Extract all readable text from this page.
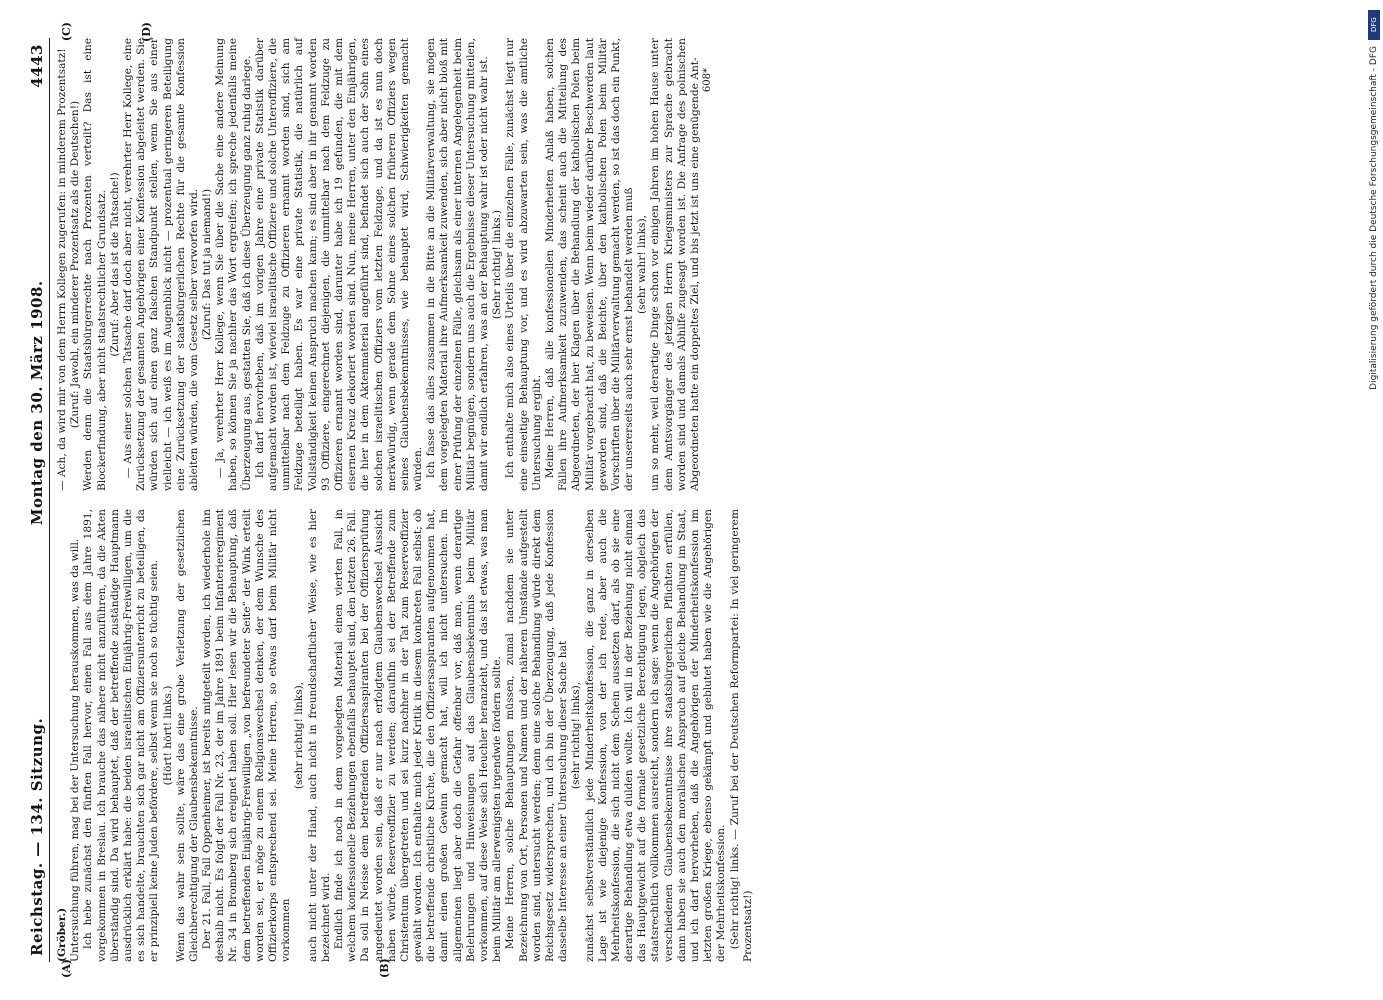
Reichstag. — 134. Sitzung.
Montag den 30. März 1908.
4443
(A)	(B)
(C)	(D)

(Gröber.) Untersuchung führen, mag bei der Untersuchung herauskommen, was da will. Ich hebe zunächst den fünften Fall hervor, einen Fall aus dem Jahre 1891, vorgekommen in Breslau. Ich brauche das nähere nicht anzuführen, da die Akten überständig sind. Da wird behauptet, daß der betreffende zuständige Hauptmann ausdrücklich erklärt habe: die beiden israelitischen Einjährig-Freiwilligen, um die es sich handelte, brauchten sich gar nicht am Offiziersunterricht zu beteiligen, da er prinzipiell keine Juden befördere, selbst wenn sie noch so tüchtig seien. (Hört! hört! links.) Wenn das wahr sein sollte, wäre das eine grobe Verletzung der gesetzlichen Gleichberechtigung der Glaubensbekenntnisse. Der 21. Fall, Fall Oppenheimer, ist bereits mitgeteilt worden, ich wiederhole ihn deshalb nicht. Es folgt der Fall Nr. 23, der im Jahre 1891 beim Infanterieregiment Nr. 34 in Bromberg sich ereignet haben soll. Hier lesen wir die Behauptung, daß dem betreffenden Einjährig-Freiwilligen „von befreundeter Seite“ der Wink erteilt worden sei, er möge zu einem Religionswechsel denken, der dem Wunsche des Offizierkorps entsprechend sei. Meine Herren, so etwas darf beim Militär nicht vorkommen

(sehr richtig! links), auch nicht unter der Hand, auch nicht in freundschaftlicher Weise, wie es hier bezeichnet wird. Endlich finde ich noch in dem vorgelegten Material einen vierten Fall, in welchem konfessionelle Beziehungen ebenfalls behauptet sind, den letzten 26. Fall. Da soll in Neisse dem betreffenden Offiziersaspiranten bei der Offiziersprüfung angedeutet worden sein, daß er nur nach erfolgtem Glaubenswechsel Aussicht haben würde, Reserveoffizier zu werden; daraufhin sei der Betreffende zum Christentum übergetreten und sei kurz nachher in der Tat zum Reserveoffizier gewählt worden. Ich enthalte mich jeder Kritik in diesem konkreten Fall selbst; ob die betreffende christliche Kirche, die den Offiziersaspiranten aufgenommen hat, damit einen großen Gewinn gemacht hat, will ich nicht untersuchen. Im allgemeinen liegt aber doch die Gefahr offenbar vor, daß man, wenn derartige Belehrungen und Hinweisungen auf das Glaubensbekenntnis beim Militär vorkommen, auf diese Weise sich Heuchler heranzieht, und das ist etwas, was man beim Militär am allerwenigsten irgendwie fördern sollte. Meine Herren, solche Behauptungen müssen, zumal nachdem sie unter Bezeichnung von Ort, Personen und Namen und der näheren Umstände aufgestellt worden sind, untersucht werden; denn eine solche Behandlung würde direkt dem Reichsgesetz widersprechen, und ich bin der Überzeugung, daß jede Konfession dasselbe Interesse an einer Untersuchung dieser Sache hat (sehr richtig! links), zunächst selbstverständlich jede Minderheitskonfession, die ganz in derselben Lage ist wie diejenige Konfession, von der ich rede, aber auch die Mehrheitskonfession, die sich nicht dem Schein aussetzen darf, als ob sie eine derartige Behandlung etwa dulden wollte. Ich will in der Beziehung nicht einmal das Hauptgewicht auf die formale gesetzliche Berechtigung legen, obgleich das staatsrechtlich vollkommen ausreicht, sondern ich sage: wenn die Angehörigen der verschiedenen Glaubensbekenntnisse ihre staatsbürgerlichen Pflichten erfüllen, dann haben sie auch den moralischen Anspruch auf gleiche Behandlung im Staat, und ich darf hervorheben, daß die Angehörigen der Minderheitskonfession im letzten großen Kriege, ebenso gekämpft und geblutet haben wie die Angehörigen der Mehrheitskonfession. (Sehr richtig! links. — Zuruf bei der Deutschen Reformpartei: In viel geringerem Prozentsatz!)

— Ach, da wird mir von dem Herrn Kollegen zugerufen: in minderem Prozentsatz! (Zuruf: Jawohl, ein minderer Prozentsatz als die Deutschen!) Werden denn die Staatsbürgerrechte nach Prozenten verteilt? Das ist eine Blockerfindung, aber nicht staatsrechtlicher Grundsatz. (Zuruf: Aber das ist die Tatsache!) — Aus einer solchen Tatsache darf doch aber nicht, verehrter Herr Kollege, eine Zurücksetzung der gesamten Angehörigen einer Konfession abgeleitet werden. Sie würden sich auf einen ganz falschen Standpunkt stellen, wenn Sie aus einer vielleicht — ich weiß es im Augenblick nicht — prozentual geringeren Beteiligung eine Zurücksetzung der staatsbürgerlichen Rechte für die gesamte Konfession ableiten würden, die vom Gesetz selber verworfen wird. (Zuruf: Das tut ja niemand!) — Ja, verehrter Herr Kollege, wenn Sie über die Sache eine andere Meinung haben, so können Sie ja nachher das Wort ergreifen; ich spreche jedenfalls meine Überzeugung aus, gestatten Sie, daß ich diese Überzeugung ganz ruhig darlege. Ich darf hervorheben, daß im vorigen Jahre eine private Statistik darüber aufgemacht worden ist, wieviel israelitische Offiziere und solche Unteroffiziere, die unmittelbar nach dem Feldzuge zu Offizieren ernannt worden sind, sich am Feldzuge beteiligt haben. Es war eine private Statistik, die natürlich auf Vollständigkeit keinen Anspruch machen kann; es sind aber in ihr genannt worden 93 Offiziere, eingerechnet diejenigen, die unmittelbar nach dem Feldzuge zu Offizieren ernannt worden sind, darunter habe ich 19 gefunden, die mit dem eisernen Kreuz dekoriert worden sind. Nun, meine Herren, unter den Einjährigen, die hier in dem Aktenmaterial angeführt sind, befindet sich auch der Sohn eines solchen israelitischen Offiziers vom letzten Feldzuge, und da ist es nun doch merkwürdig, wenn gerade dem Sohne eines solchen früheren Offiziers wegen seines Glaubensbekenntnisses, wie behauptet wird, Schwierigkeiten gemacht würden. Ich fasse das alles zusammen in die Bitte an die Militärverwaltung, sie mögen dem vorgelegten Material ihre Aufmerksamkeit zuwenden, sich aber nicht bloß mit einer Prüfung der einzelnen Fälle, gleichsam als einer internen Angelegenheit beim Militär begnügen, sondern uns auch die Ergebnisse dieser Untersuchung mitteilen, damit wir endlich erfahren, was an der Behauptung wahr ist oder nicht wahr ist. (Sehr richtig! links.) Ich enthalte mich also eines Urteils über die einzelnen Fälle, zunächst liegt nur eine einseitige Behauptung vor, und es wird abzuwarten sein, was die amtliche Untersuchung ergibt. Meine Herren, daß alle konfessionellen Minderheiten Anlaß haben, solchen Fällen ihre Aufmerksamkeit zuzuwenden, das scheint auch die Mitteilung des Abgeordneten, der hier Klagen über die Behandlung der katholischen Polen beim Militär vorgebracht hat, zu beweisen. Wenn beim wieder darüber Beschwerden laut geworden sind, daß die Beichte, über den katholischen Polen beim Militär Vorschriften über die Militärverwaltung gemacht werden, so ist das doch ein Punkt, der unsererseits auch sehr ernst behandelt werden muß (sehr wahr! links), um so mehr, weil derartige Dinge schon vor einigen Jahren im hohen Hause unter dem Amtsvorgänger des jetzigen Herrn Kriegsministers zur Sprache gebracht worden sind und damals Abhilfe zugesagt worden ist. Die Anfrage des polnischen Abgeordneten hatte ein doppeltes Ziel, und bis jetzt ist uns eine genügende Ant- 608*
DFG
Digitalisierung gefördert durch die Deutsche Forschungsgemeinschaft - DFG
